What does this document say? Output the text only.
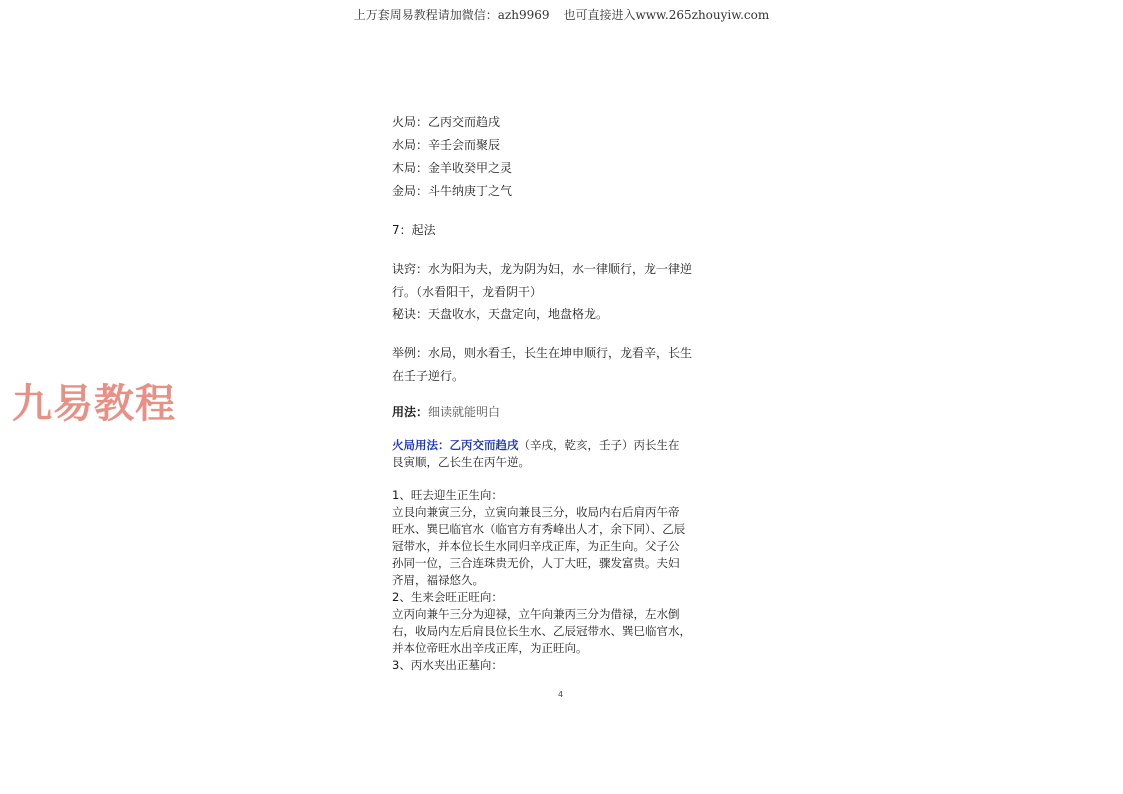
上万套周易教程请加微信：azh9969 也可直接进入www.265zhouyiw.com
九易教程
火局：乙丙交而趋戌
水局：辛壬会而聚辰
木局：金羊收癸甲之灵
金局：斗牛纳庚丁之气
7：起法
诀窍：水为阳为夫，龙为阴为妇，水一律顺行，龙一律逆
行。（水看阳干，龙看阴干）
秘诀：天盘收水，天盘定向，地盘格龙。
举例：水局，则水看壬，长生在坤申顺行，龙看辛，长生
在壬子逆行。
用法：细读就能明白
火局用法：乙丙交而趋戌（辛戌，乾亥，壬子）丙长生在
艮寅顺，乙长生在丙午逆。
1、旺去迎生正生向：
立艮向兼寅三分，立寅向兼艮三分，收局内右后肩丙午帝
旺水、巽巳临官水（临官方有秀峰出人才，余下同）、乙辰
冠带水，并本位长生水同归辛戌正库，为正生向。父子公
孙同一位，三合连珠贵无价，人丁大旺，骤发富贵。夫妇
齐眉，福禄悠久。
2、生来会旺正旺向：
立丙向兼午三分为迎禄，立午向兼丙三分为借禄，左水倒
右，收局内左后肩艮位长生水、乙辰冠带水、巽巳临官水，
并本位帝旺水出辛戌正库，为正旺向。
3、丙水夹出正墓向：
4
